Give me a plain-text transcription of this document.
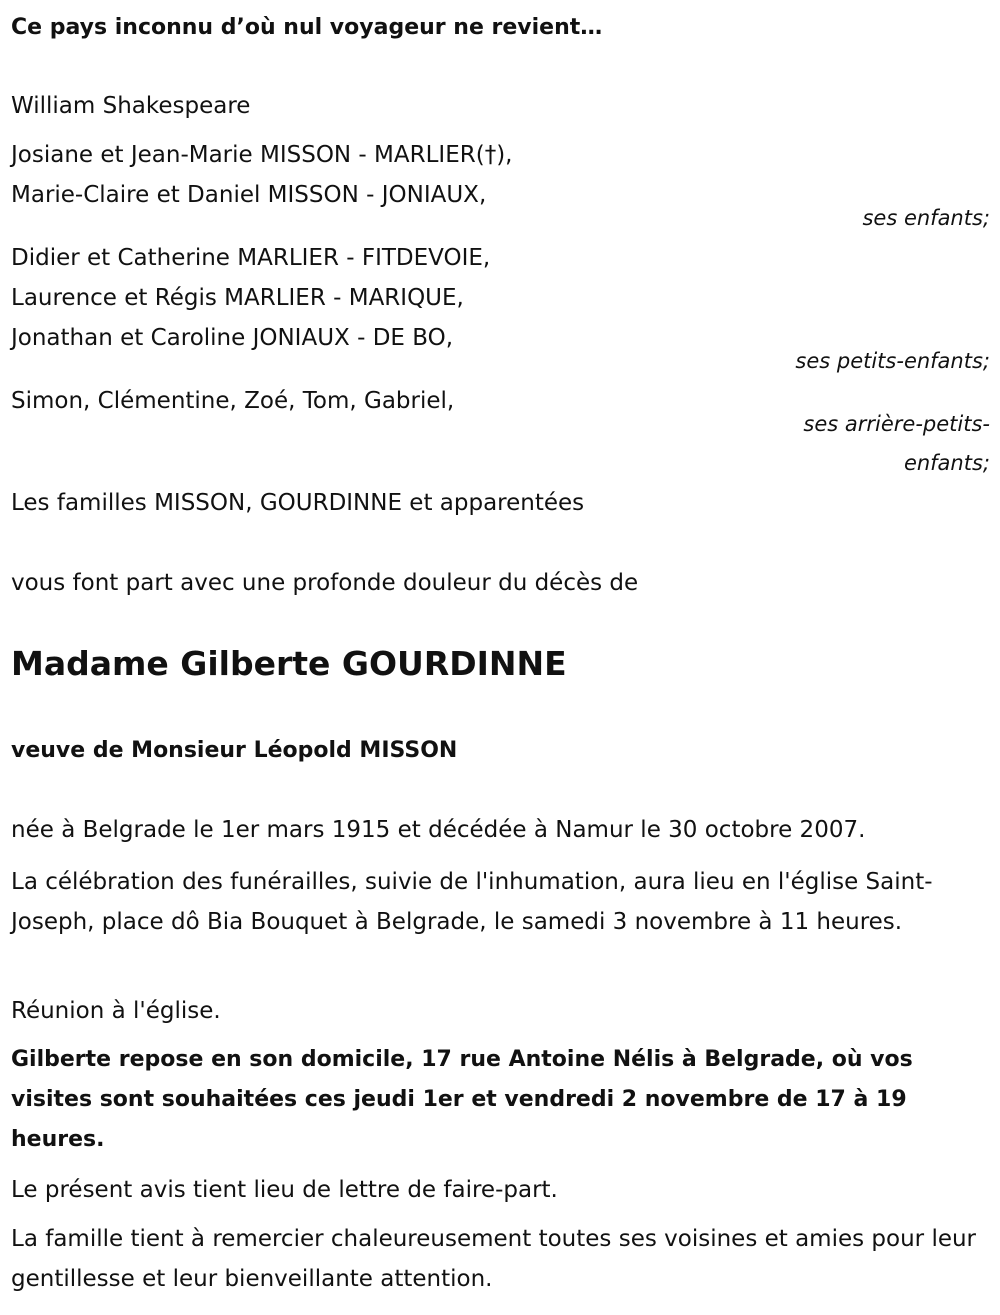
Ce pays inconnu d’où nul voyageur ne revient…
William Shakespeare
Josiane et Jean-Marie MISSON - MARLIER(†),
Marie-Claire et Daniel MISSON - JONIAUX,
ses enfants;
Didier et Catherine MARLIER - FITDEVOIE,
Laurence et Régis MARLIER - MARIQUE,
Jonathan et Caroline JONIAUX - DE BO,
ses petits-enfants;
Simon, Clémentine, Zoé, Tom, Gabriel,
ses arrière-petits-
enfants;
Les familles MISSON, GOURDINNE et apparentées
vous font part avec une profonde douleur du décès de
Madame Gilberte GOURDINNE
veuve de Monsieur Léopold MISSON
née à Belgrade le 1er mars 1915 et décédée à Namur le 30 octobre 2007.
La célébration des funérailles, suivie de l'inhumation, aura lieu en l'église Saint-Joseph, place dô Bia Bouquet à Belgrade, le samedi 3 novembre à 11 heures.
Réunion à l'église.
Gilberte repose en son domicile, 17 rue Antoine Nélis à Belgrade, où vos visites sont souhaitées ces jeudi 1er et vendredi 2 novembre de 17 à 19 heures.
Le présent avis tient lieu de lettre de faire-part.
La famille tient à remercier chaleureusement toutes ses voisines et amies pour leur gentillesse et leur bienveillante attention.
